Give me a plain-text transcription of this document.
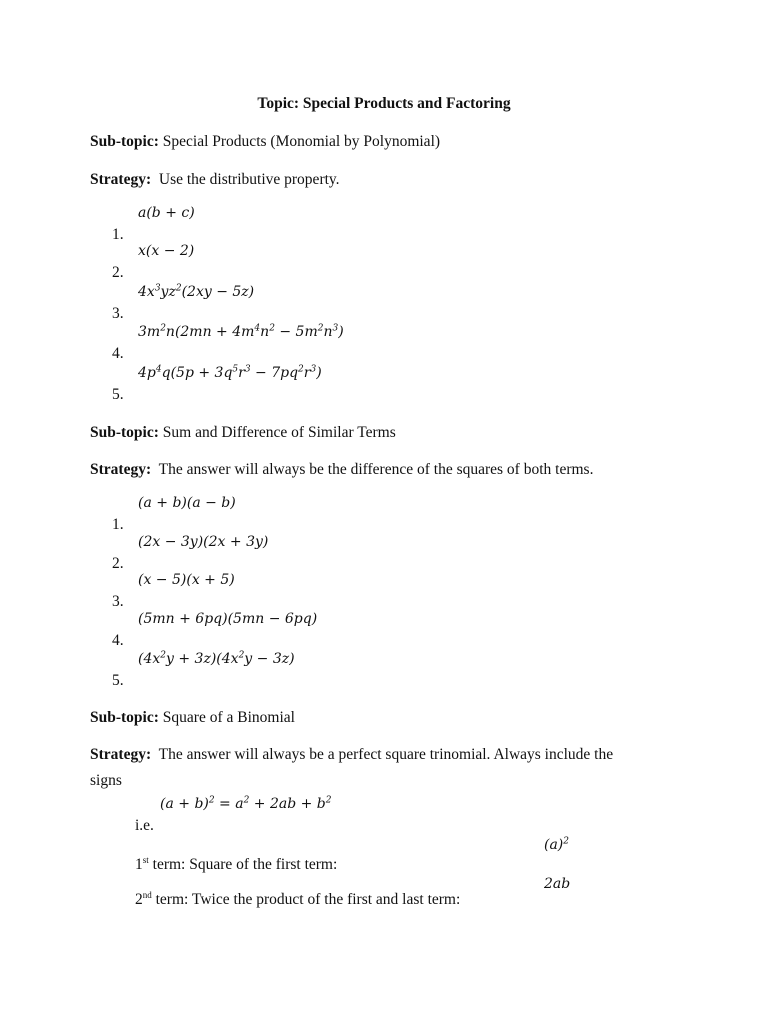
Topic: Special Products and Factoring
Sub-topic: Special Products (Monomial by Polynomial)
Strategy: Use the distributive property.
a(b + c)
1.
x(x − 2)
2.
$4x^3yz^2(2xy - 5z)$
3.
$3m^2n(2mn + 4m^4n^2 - 5m^2n^3)$
4.
$4p^4q(5p + 3q^5r^3 - 7pq^2r^3)$
5.
Sub-topic: Sum and Difference of Similar Terms
Strategy: The answer will always be the difference of the squares of both terms.
(a + b)(a − b)
1.
(2x − 3y)(2x + 3y)
2.
(x − 5)(x + 5)
3.
(5mn + 6pq)(5mn − 6pq)
4.
$(4x^2y + 3z)(4x^2y - 3z)$
5.
Sub-topic: Square of a Binomial
Strategy: The answer will always be a perfect square trinomial. Always include the
signs
$(a + b)^2 = a^2 + 2ab + b^2$
i.e.
$(a)^2$
1st term: Square of the first term:
2ab
2nd term: Twice the product of the first and last term:
